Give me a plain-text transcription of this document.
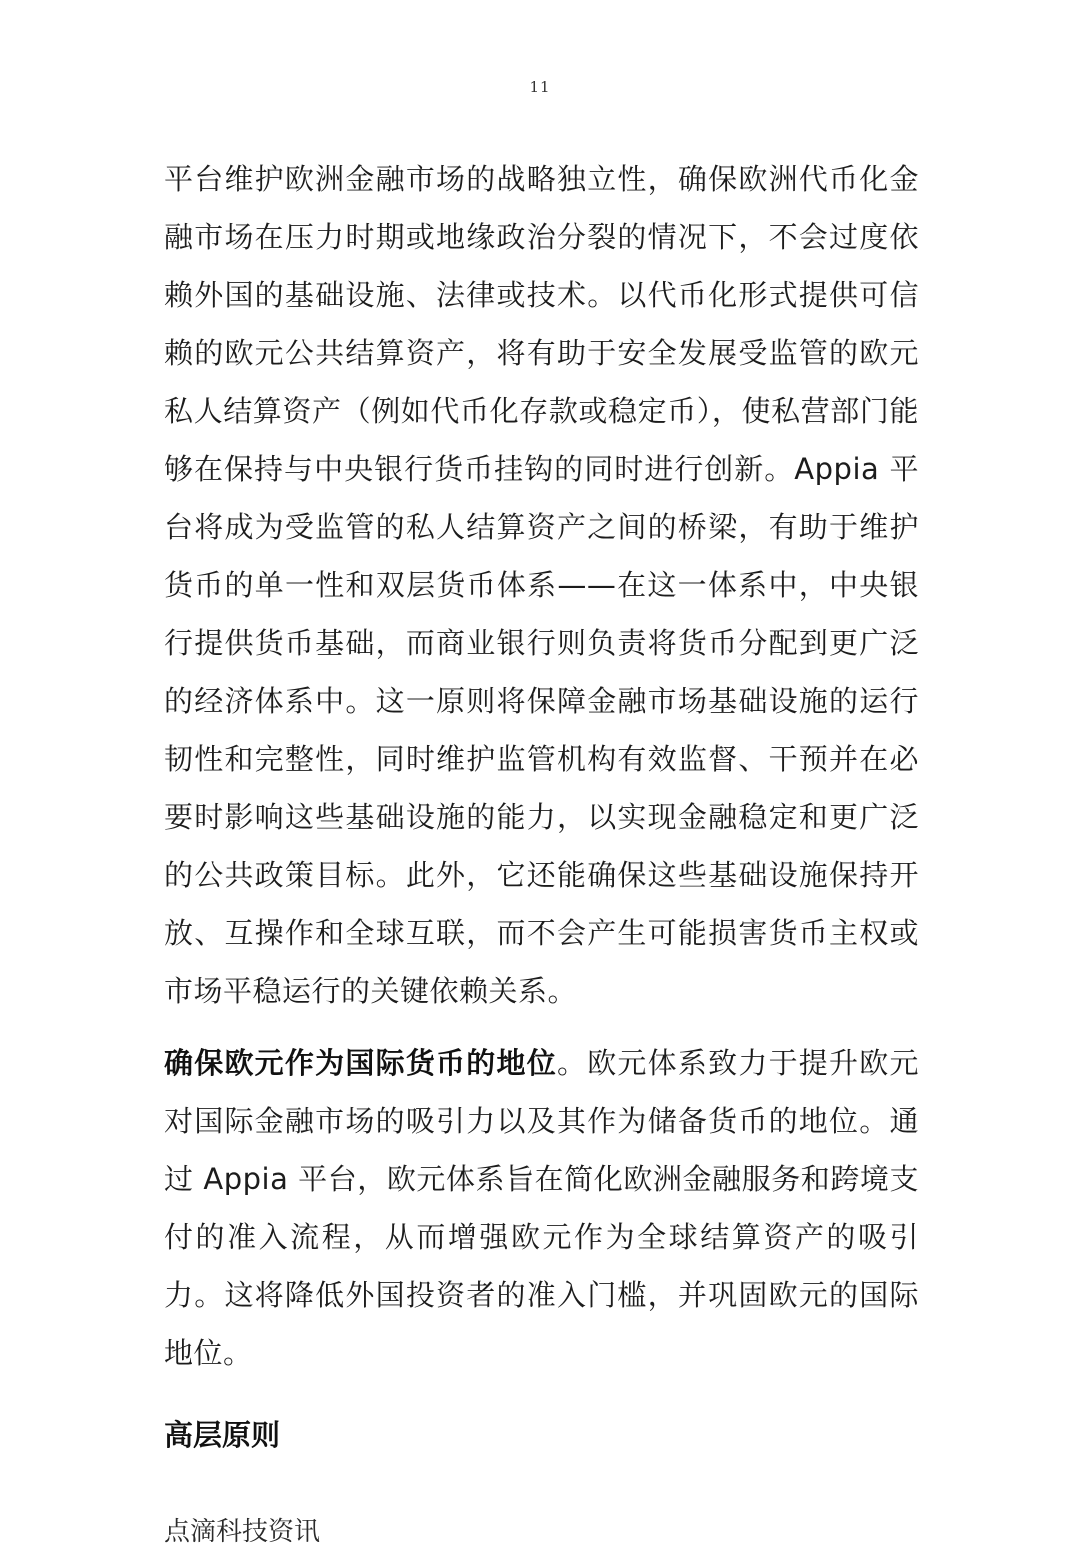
11

平台维护欧洲金融市场的战略独立性，确保欧洲代币化金融市场在压力时期或地缘政治分裂的情况下，不会过度依赖外国的基础设施、法律或技术。以代币化形式提供可信赖的欧元公共结算资产，将有助于安全发展受监管的欧元私人结算资产（例如代币化存款或稳定币），使私营部门能够在保持与中央银行货币挂钩的同时进行创新。Appia 平台将成为受监管的私人结算资产之间的桥梁，有助于维护货币的单一性和双层货币体系——在这一体系中，中央银行提供货币基础，而商业银行则负责将货币分配到更广泛的经济体系中。这一原则将保障金融市场基础设施的运行韧性和完整性，同时维护监管机构有效监督、干预并在必要时影响这些基础设施的能力，以实现金融稳定和更广泛的公共政策目标。此外，它还能确保这些基础设施保持开放、互操作和全球互联，而不会产生可能损害货币主权或市场平稳运行的关键依赖关系。

确保欧元作为国际货币的地位。欧元体系致力于提升欧元对国际金融市场的吸引力以及其作为储备货币的地位。通过 Appia 平台，欧元体系旨在简化欧洲金融服务和跨境支付的准入流程，从而增强欧元作为全球结算资产的吸引力。这将降低外国投资者的准入门槛，并巩固欧元的国际地位。

高层原则

点滴科技资讯
